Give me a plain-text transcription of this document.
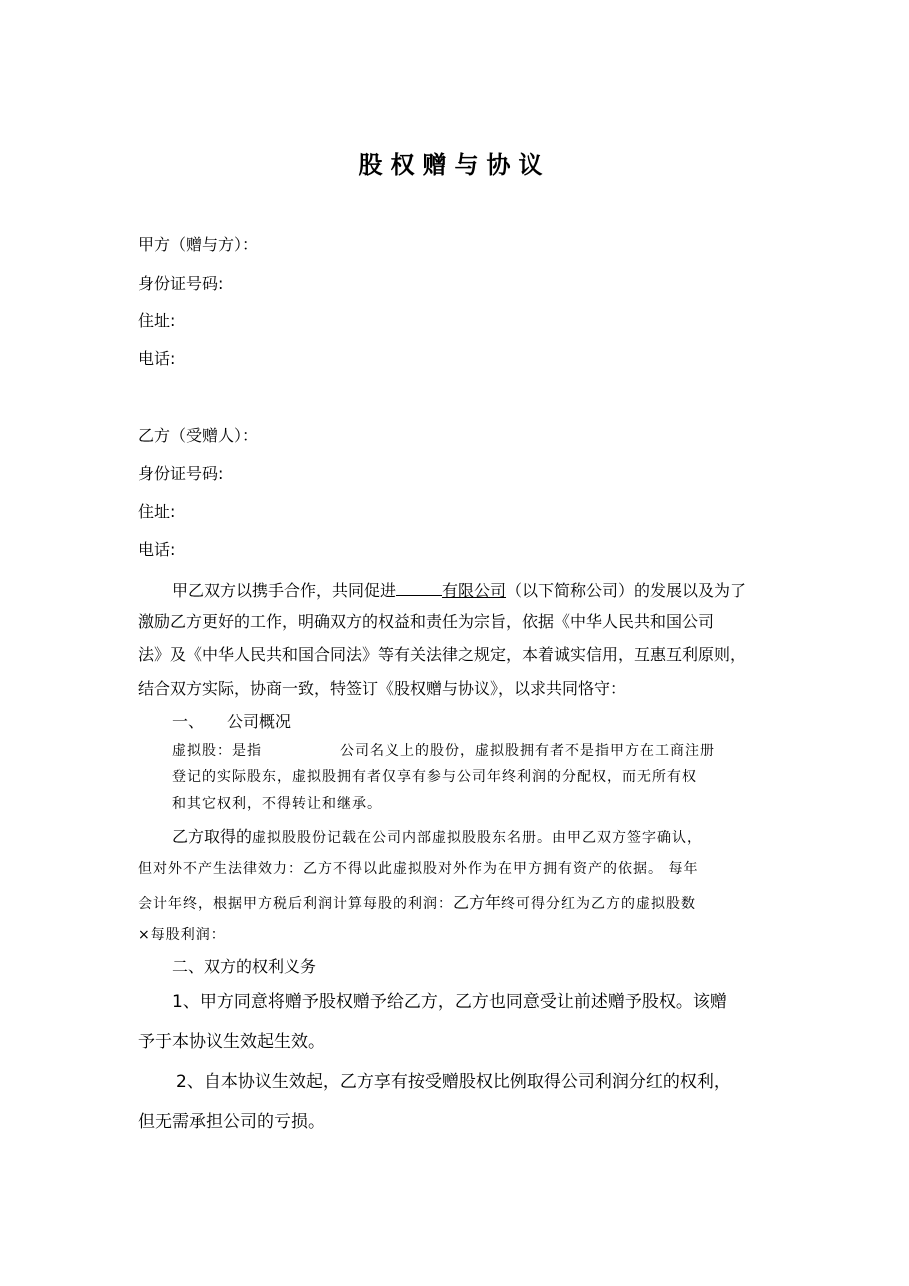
股权赠与协议
甲方（赠与方）：
身份证号码:
住址:
电话:
乙方（受赠人）：
身份证号码:
住址:
电话:
甲乙双方以携手合作，共同促进	有限公司（以下简称公司）的发展以及为了
激励乙方更好的工作，明确双方的权益和责任为宗旨，依据《中华人民共和国公司
法》及《中华人民共和国合同法》等有关法律之规定，本着诚实信用，互惠互利原则，
结合双方实际，协商一致，特签订《股权赠与协议》，以求共同恪守：
一、 公司概况
虚拟股：是指	公司名义上的股份，虚拟股拥有者不是指甲方在工商注册
登记的实际股东，虚拟股拥有者仅享有参与公司年终利润的分配权，而无所有权
和其它权利，不得转让和继承。
乙方取得的虚拟股股份记载在公司内部虚拟股股东名册。由甲乙双方签字确认，
但对外不产生法律效力：乙方不得以此虚拟股对外作为在甲方拥有资产的依据。 每年
会计年终，根据甲方税后利润计算每股的利润：乙方年终可得分红为乙方的虚拟股数
×每股利润：
二、双方的权利义务
1、甲方同意将赠予股权赠予给乙方，乙方也同意受让前述赠予股权。该赠
予于本协议生效起生效。
2、自本协议生效起，乙方享有按受赠股权比例取得公司利润分红的权利，
但无需承担公司的亏损。
